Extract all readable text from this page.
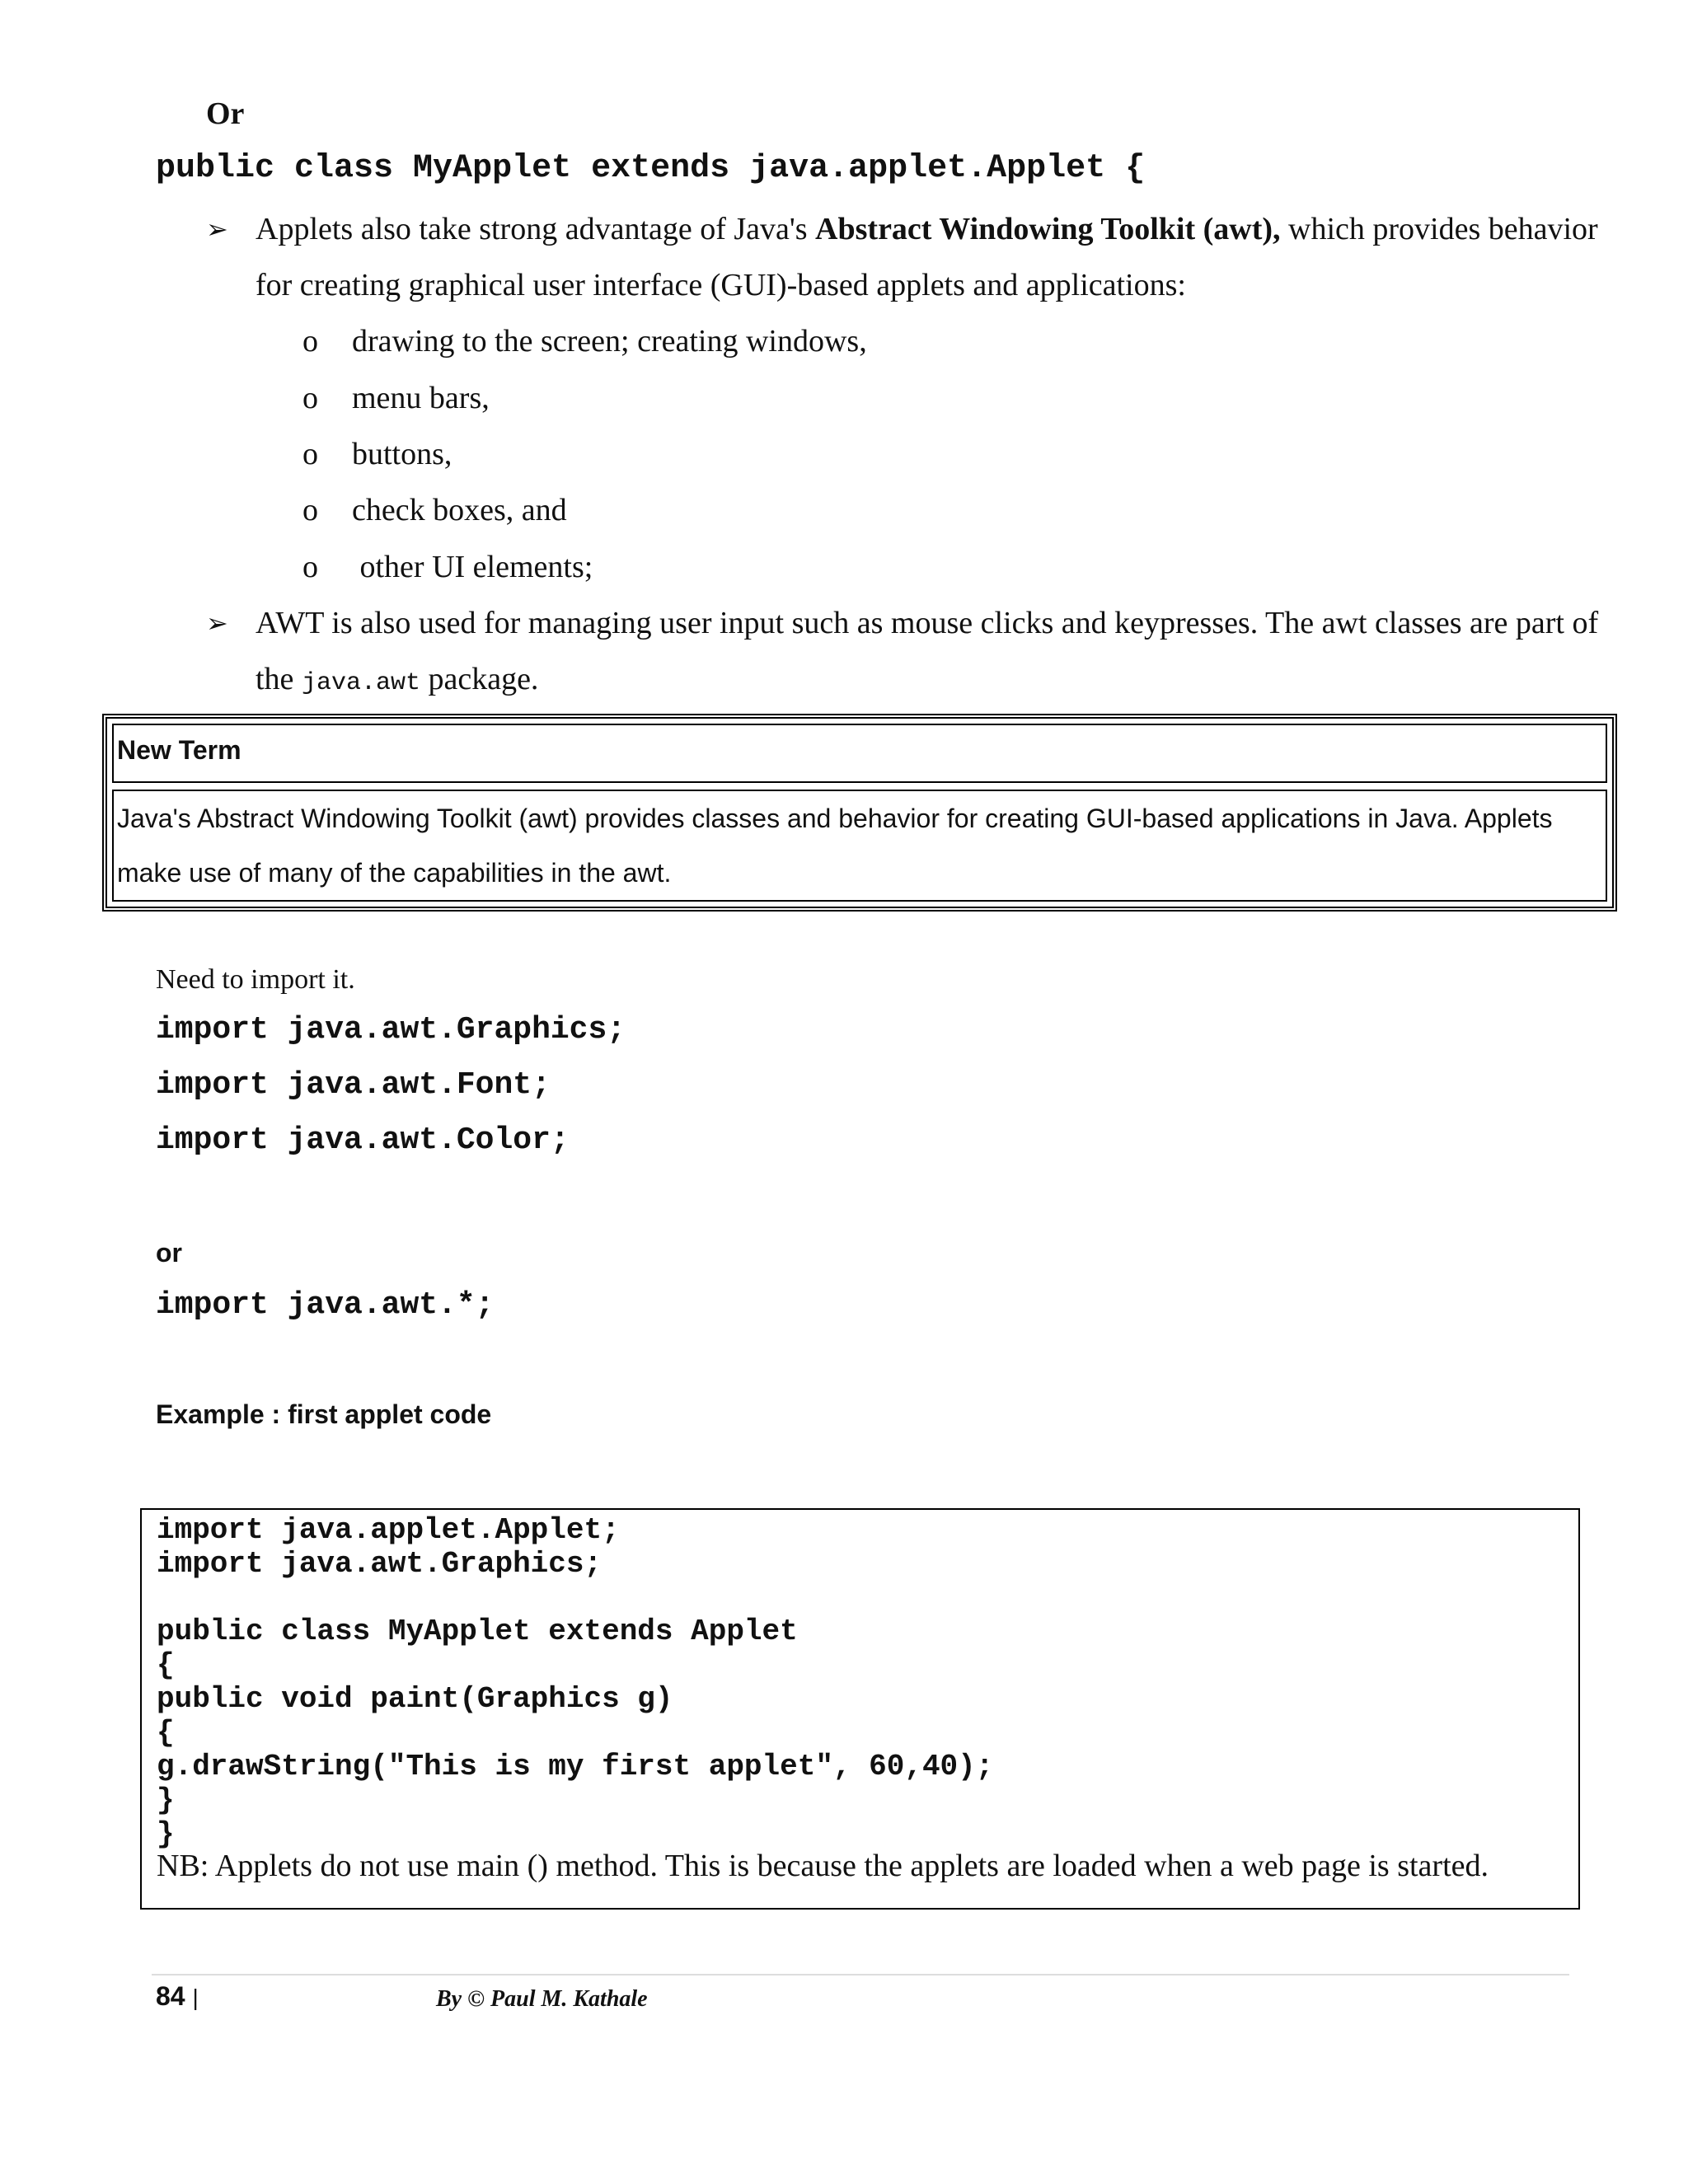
Or
public class MyApplet extends java.applet.Applet {
➢ Applets also take strong advantage of Java's Abstract Windowing Toolkit (awt), which provides behavior for creating graphical user interface (GUI)-based applets and applications:
o drawing to the screen; creating windows,
o menu bars,
o buttons,
o check boxes, and
o other UI elements;
➢ AWT is also used for managing user input such as mouse clicks and keypresses. The awt classes are part of the java.awt package.
New Term
Java's Abstract Windowing Toolkit (awt) provides classes and behavior for creating GUI-based applications in Java. Applets make use of many of the capabilities in the awt.
Need to import it.
import java.awt.Graphics;
import java.awt.Font;
import java.awt.Color;
or
import java.awt.*;
Example : first applet code
import java.applet.Applet;
import java.awt.Graphics;

public class MyApplet extends Applet
{
public void paint(Graphics g)
{
g.drawString("This is my first applet", 60,40);
}
}
NB: Applets do not use main () method. This is because the applets are loaded when a web page is started.
84 |	By © Paul M. Kathale
